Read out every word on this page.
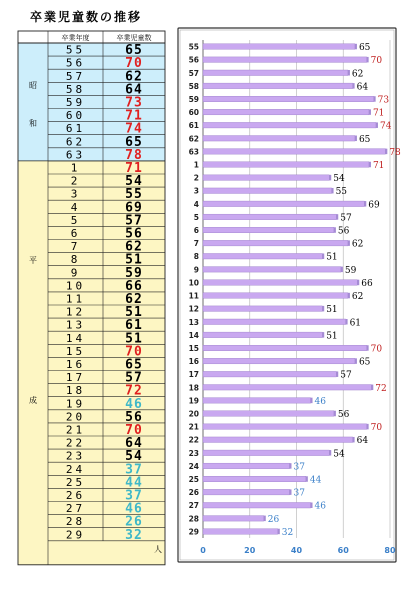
卒業児童数の推移
卒業年度	卒業児童数
55	65
56	70
57	62
58	64
59	73
60	71
61	74
62	65
63	78
1	71
2	54
3	55
4	69
5	57
6	56
7	62
8	51
9	59
10	66
11	62
12	51
13	61
14	51
15	70
16	65
17	57
18	72
19	46
20	56
21	70
22	64
23	54
24	37
25	44
26	37
27	46
28	26
29	32
昭
和
平
成
人	0	20	40	60	80
55	65
56	70
57	62
58	64
59	73
60	71
61	74
62	65
63	78
1	71
2	54
3	55
4	69
5	57
6	56
7	62
8	51
9	59
10	66
11	62
12	51
13	61
14	51
15	70
16	65
17	57
18	72
19	46
20	56
21	70
22	64
23	54
24	37
25	44
26	37
27	46
28	26
29	32
